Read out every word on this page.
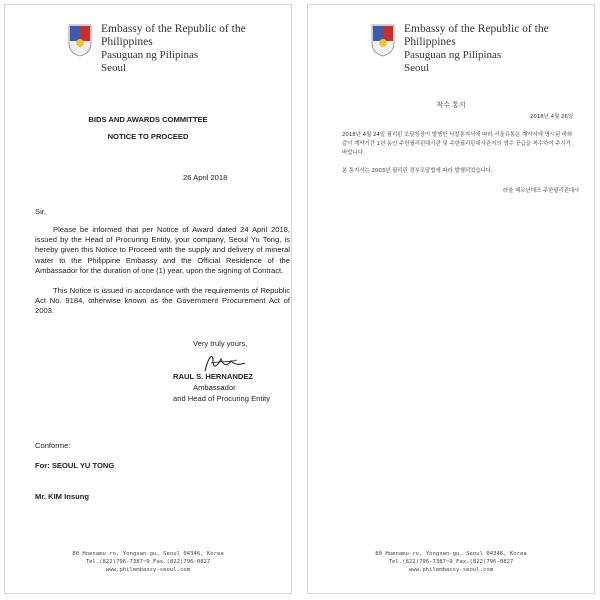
Embassy of the Republic of the Philippines
Pasuguan ng Pilipinas
Seoul
BIDS AND AWARDS COMMITTEE
NOTICE TO PROCEED
26 April 2018
Sir,
Please be informed that per Notice of Award dated 24 April 2018, issued by the Head of Procuring Entity, your company, Seoul Yu Tong, is hereby given this Notice to Proceed with the supply and delivery of mineral water to the Philippine Embassy and the Official Residence of the Ambassador for the duration of one (1) year, upon the signing of Contract.
This Notice is issued in accordance with the requirements of Republic Act No. 9184, otherwise known as the Government Procurement Act of 2003.
Very truly yours,
RAUL S. HERNANDEZ
Ambassador
and Head of Procuring Entity
Conforme:
For: SEOUL YU TONG
Mr. KIM Insung
80 Hoenamu-ro, Yongsan-gu, Seoul 04346, Korea
Tel.(822)796-7387~9 Fax.(822)796-0827
www.philembassy-seoul.com
Embassy of the Republic of the Philippines
Pasuguan ng Pilipinas
Seoul
착수 통지
2018년 4월 26일
2018년 4월 24일 필리핀 조달청장이 발행한 낙찰통지서에 따라 서울유통은 계약서에 명시된 바와
같이 계약기간 1년 동안 주한필리핀대사관 및 주한필리핀대사관저의 생수 공급을 착수하여 주시기
바랍니다.
본 통지서는 2003년 필리핀 정부조달법에 따라 발행되었습니다.
라울 헤르난데즈 주한필리핀대사
80 Hoenamu-ro, Yongsan-gu, Seoul 04346, Korea
Tel.(822)796-7387~9 Fax.(822)796-0827
www.philembassy-seoul.com
